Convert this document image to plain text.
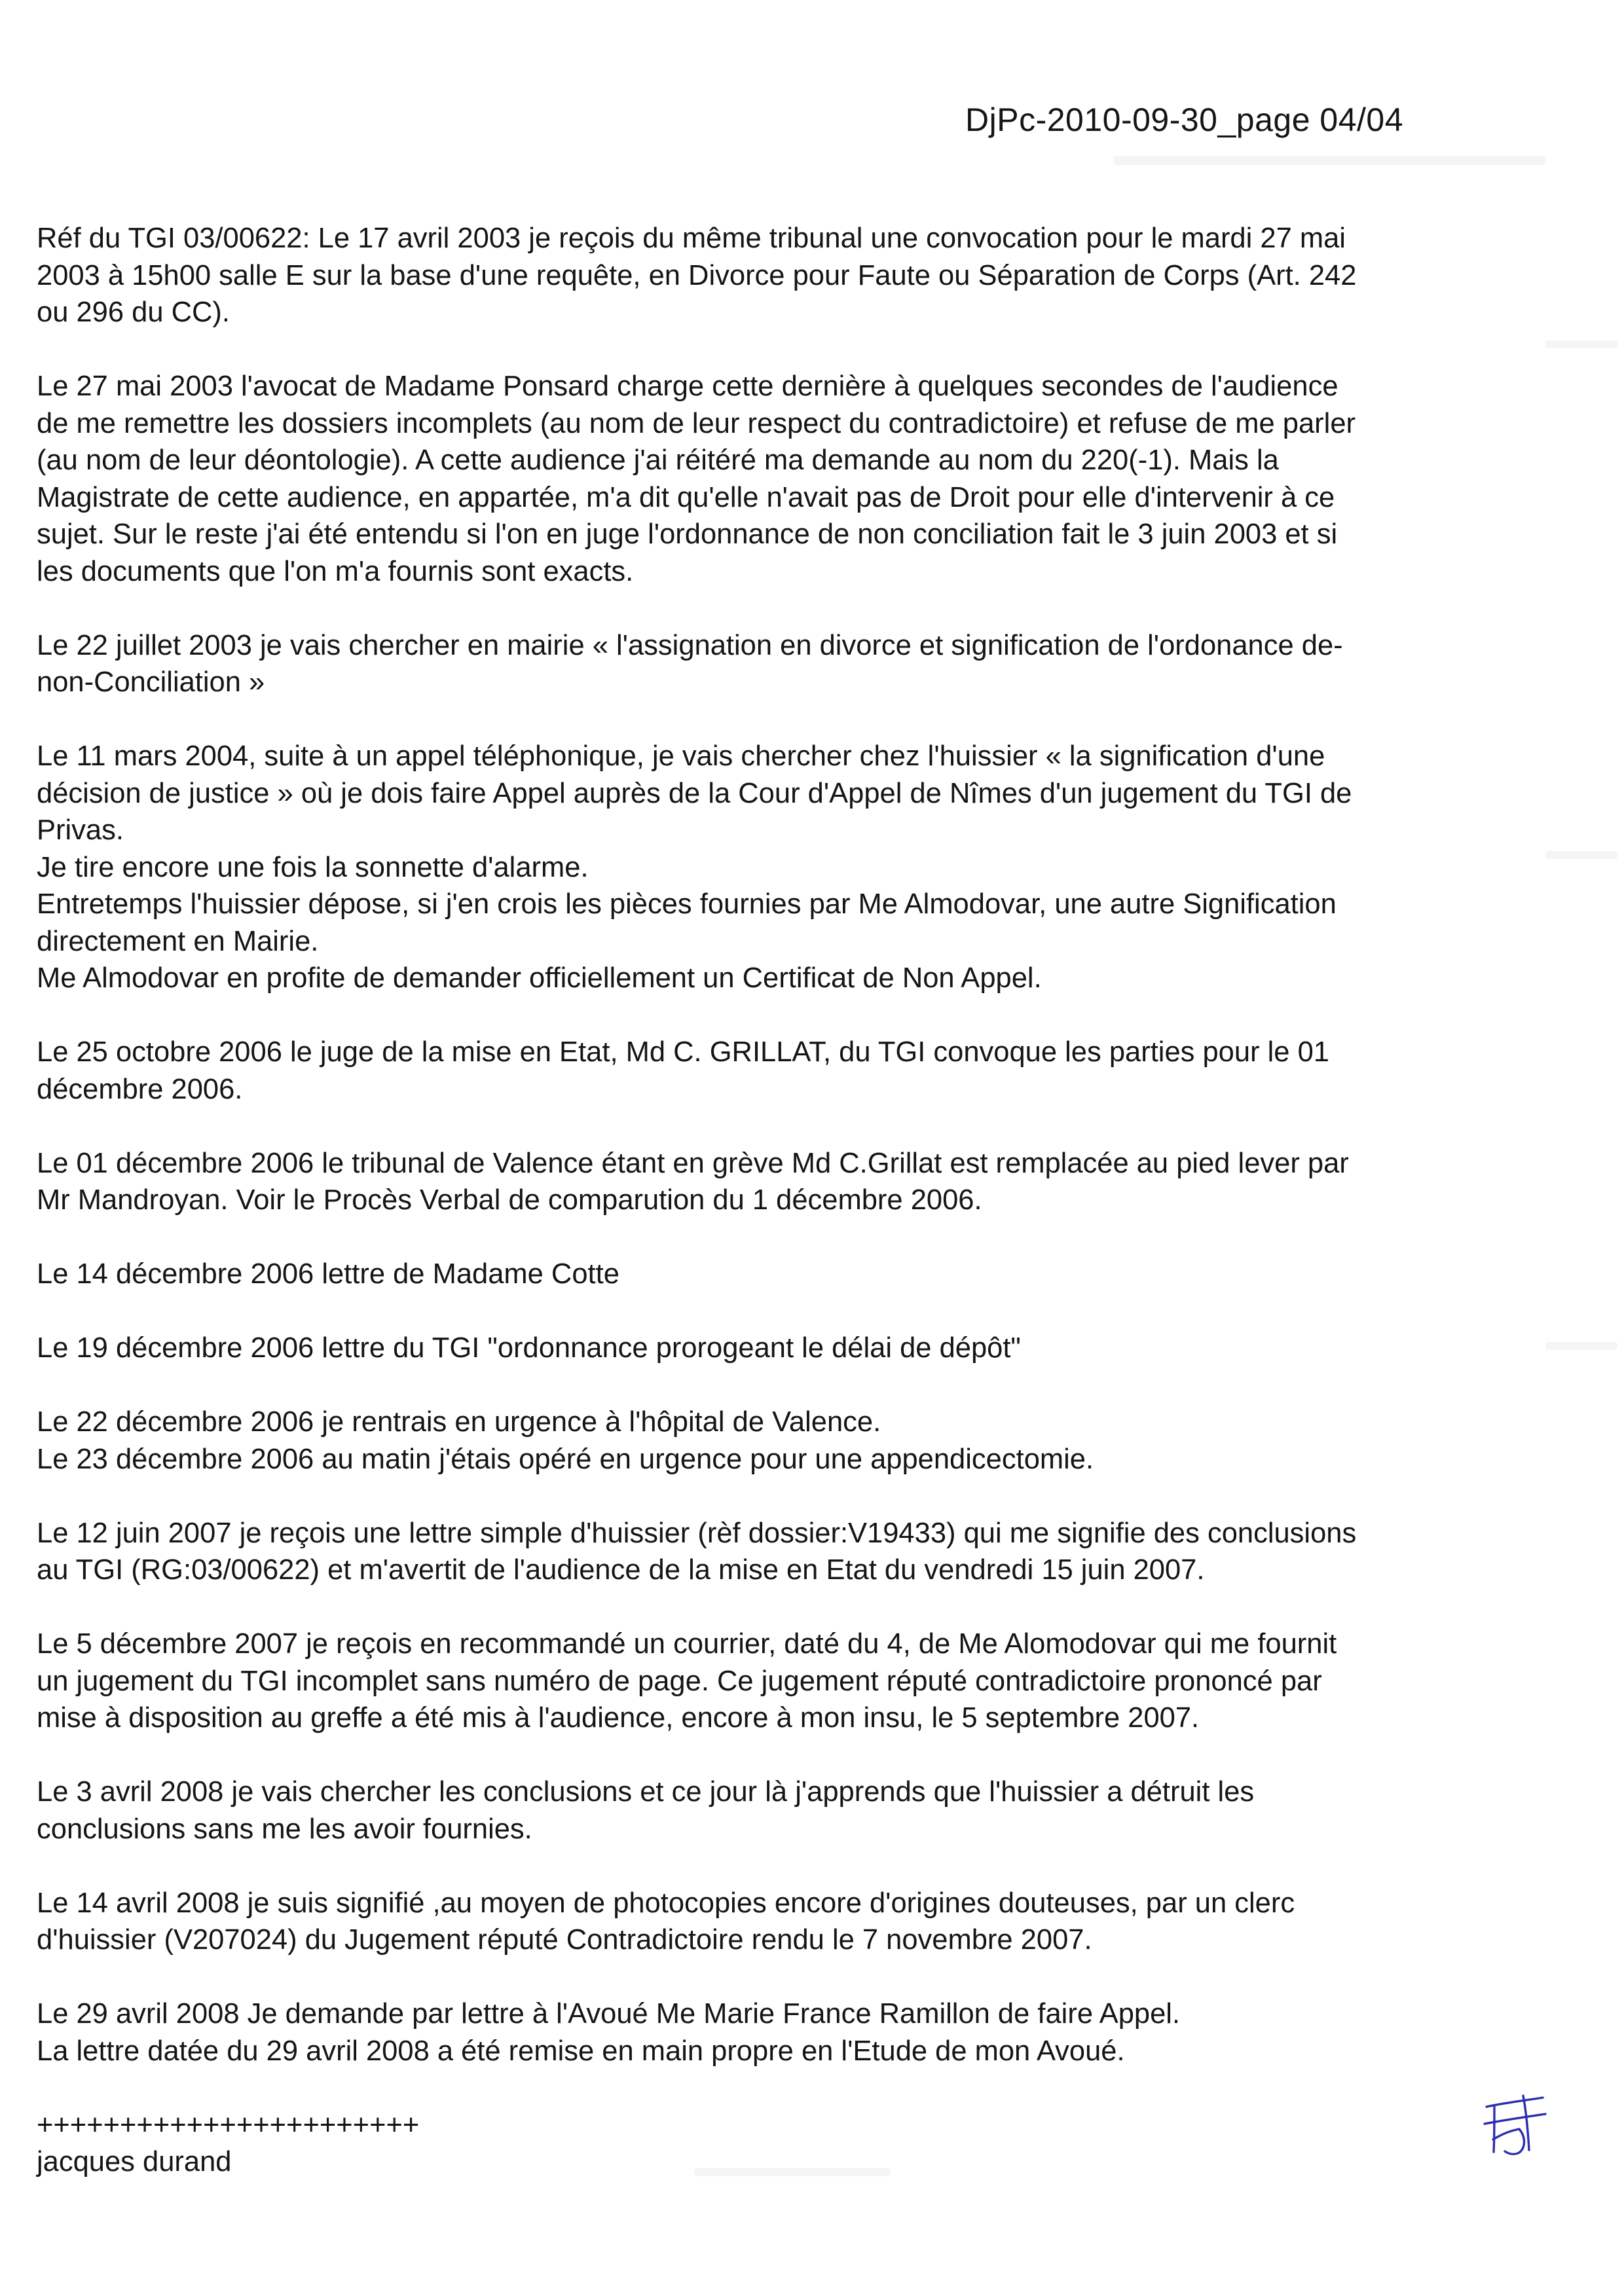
DjPc-2010-09-30_page 04/04
Réf du TGI 03/00622: Le 17 avril 2003 je reçois du même tribunal une convocation pour le mardi 27 mai
2003 à 15h00 salle E sur la base d'une requête, en Divorce pour Faute ou Séparation de Corps (Art. 242
ou 296 du CC).
Le 27 mai 2003 l'avocat de Madame Ponsard charge cette dernière à quelques secondes de l'audience
de me remettre les dossiers incomplets (au nom de leur respect du contradictoire) et refuse de me parler
(au nom de leur déontologie). A cette audience j'ai réitéré ma demande au nom du 220(-1). Mais la
Magistrate de cette audience, en appartée, m'a dit qu'elle n'avait pas de Droit pour elle d'intervenir à ce
sujet. Sur le reste j'ai été entendu si l'on en juge l'ordonnance de non conciliation fait le 3 juin 2003 et si
les documents que l'on m'a fournis sont exacts.
Le 22 juillet 2003 je vais chercher en mairie « l'assignation en divorce et signification de l'ordonance de-
non-Conciliation »
Le 11 mars 2004, suite à un appel téléphonique, je vais chercher chez l'huissier « la signification d'une
décision de justice » où je dois faire Appel auprès de la Cour d'Appel de Nîmes d'un jugement du TGI de
Privas.
Je tire encore une fois la sonnette d'alarme.
Entretemps l'huissier dépose, si j'en crois les pièces fournies par Me Almodovar, une autre Signification
directement en Mairie.
Me Almodovar en profite de demander officiellement un Certificat de Non Appel.
Le 25 octobre 2006 le juge de la mise en Etat, Md C. GRILLAT, du TGI convoque les parties pour le 01
décembre 2006.
Le 01 décembre 2006 le tribunal de Valence étant en grève Md C.Grillat est remplacée au pied lever par
Mr Mandroyan. Voir le Procès Verbal de comparution du 1 décembre 2006.
Le 14 décembre 2006 lettre de Madame Cotte
Le 19 décembre 2006 lettre du TGI "ordonnance prorogeant le délai de dépôt"
Le 22 décembre 2006 je rentrais en urgence à l'hôpital de Valence.
Le 23 décembre 2006 au matin j'étais opéré en urgence pour une appendicectomie.
Le 12 juin 2007 je reçois une lettre simple d'huissier (rèf dossier:V19433) qui me signifie des conclusions
au TGI (RG:03/00622) et m'avertit de l'audience de la mise en Etat du vendredi 15 juin 2007.
Le 5 décembre 2007 je reçois en recommandé un courrier, daté du 4, de Me Alomodovar qui me fournit
un jugement du TGI incomplet sans numéro de page. Ce jugement réputé contradictoire prononcé par
mise à disposition au greffe a été mis à l'audience, encore à mon insu, le 5 septembre 2007.
Le 3 avril 2008 je vais chercher les conclusions et ce jour là j'apprends que l'huissier a détruit les
conclusions sans me les avoir fournies.
Le 14 avril 2008 je suis signifié ,au moyen de photocopies encore d'origines douteuses, par un clerc
d'huissier (V207024) du Jugement réputé Contradictoire rendu le 7 novembre 2007.
Le 29 avril 2008 Je demande par lettre à l'Avoué Me Marie France Ramillon de faire Appel.
La lettre datée du 29 avril 2008 a été remise en main propre en l'Etude de mon Avoué.
+++++++++++++++++++++++
jacques durand
